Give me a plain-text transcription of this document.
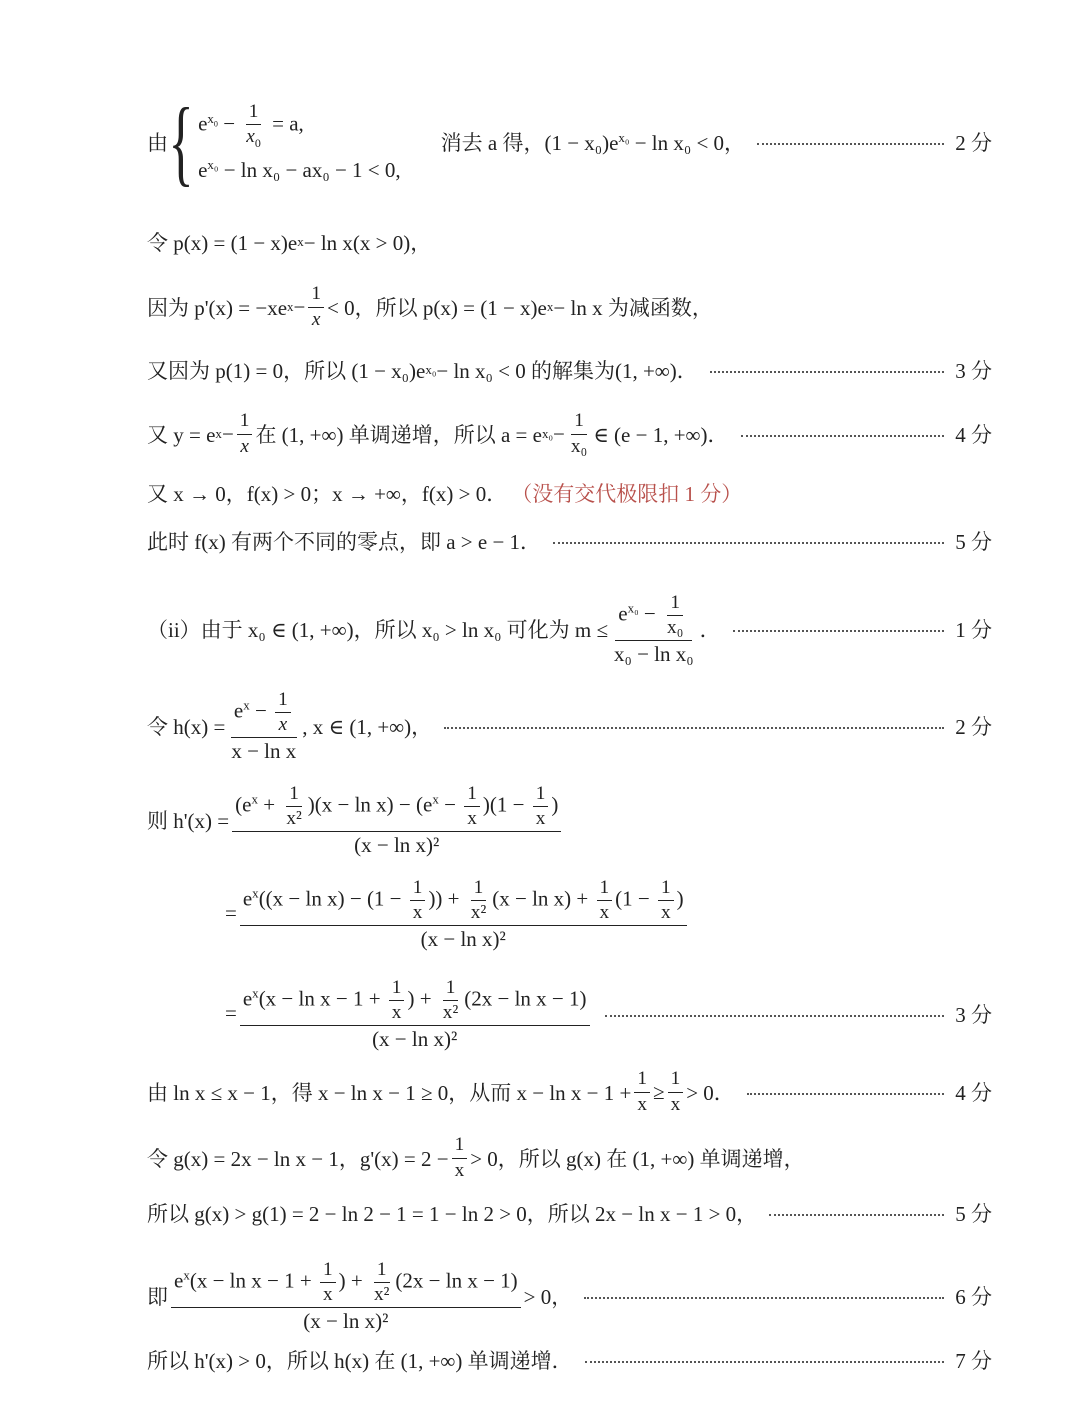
由 { $e^{x_0} - \frac{1}{x_0} = a$,
$e^{x_0} - \ln x_0 - ax_0 - 1 < 0$,
消去 a 得，$(1 - x_0)e^{x_0} - \ln x_0 < 0$，	2 分
令 p(x) = (1 − x)e x − ln x(x > 0)，
因为 p'(x) = −xe $x - \frac{1}{x} < 0$，所以 p(x) = (1 − x)e x − ln x 为减函数，
又因为 p(1) = 0，所以 (1 − x₀)e x₀ − ln x₀ < 0 的解集为(1, +∞)．	3 分
又 y = e $x - \frac{1}{x}$ 在 (1, +∞) 单调递增，所以 a = e $x_0 - \frac{1}{\text{x₀}}$ ∈ (e − 1, +∞)．	4 分
又 x → 0，f(x) > 0；x → +∞，f(x) > 0． （没有交代极限扣 1 分）
此时 f(x) 有两个不同的零点，即 a > e − 1．	5 分
（ii）由于 x₀ ∈ (1, +∞)，所以 x₀ > ln x₀ 可化为 $m \le \frac{e^{x_0} - \frac{1}{\text{x₀}}}{\text{x₀ − ln x₀}}$ ．	1 分
令 $h(x) = \frac{e^x - \frac{1}{x}}{\text{x − ln x}}$ , x ∈ (1, +∞)，	2 分
则 $h'(x) = \frac{(e^x + \frac{1}{\text{x²}} )(x - \ln x) - (e^x - \frac{1}{x} )(1 - \frac{1}{x} )}{\text{(x − ln x)²}}$
= $\frac{e^x((x - \ln x) - (1 - \frac{1}{x} )) + \frac{1}{\text{x²}} (x - \ln x) + \frac{1}{x} (1 - \frac{1}{x} )}{\text{(x − ln x)²}}$
= $\frac{e^x(x - \ln x - 1 + \frac{1}{x} ) + \frac{1}{\text{x²}} (2x - \ln x - 1)}{\text{(x − ln x)²}}$	3 分
由 ln x ≤ x − 1，得 x − ln x − 1 ≥ 0，从而 $x - \ln x - 1 + \frac{1}{x} \ge \frac{1}{x} > 0$．	4 分
令 g(x) = 2x − ln x − 1，$g'(x) = 2 - \frac{1}{x} > 0$，所以 g(x) 在 (1, +∞) 单调递增，
所以 g(x) > g(1) = 2 − ln 2 − 1 = 1 − ln 2 > 0，所以 2x − ln x − 1 > 0，	5 分
即 $\frac{e^x(x - \ln x - 1 + \frac{1}{x} ) + \frac{1}{\text{x²}} (2x - \ln x - 1)}{\text{(x − ln x)²}} > 0$，	6 分
所以 h'(x) > 0，所以 h(x) 在 (1, +∞) 单调递增．	7 分
